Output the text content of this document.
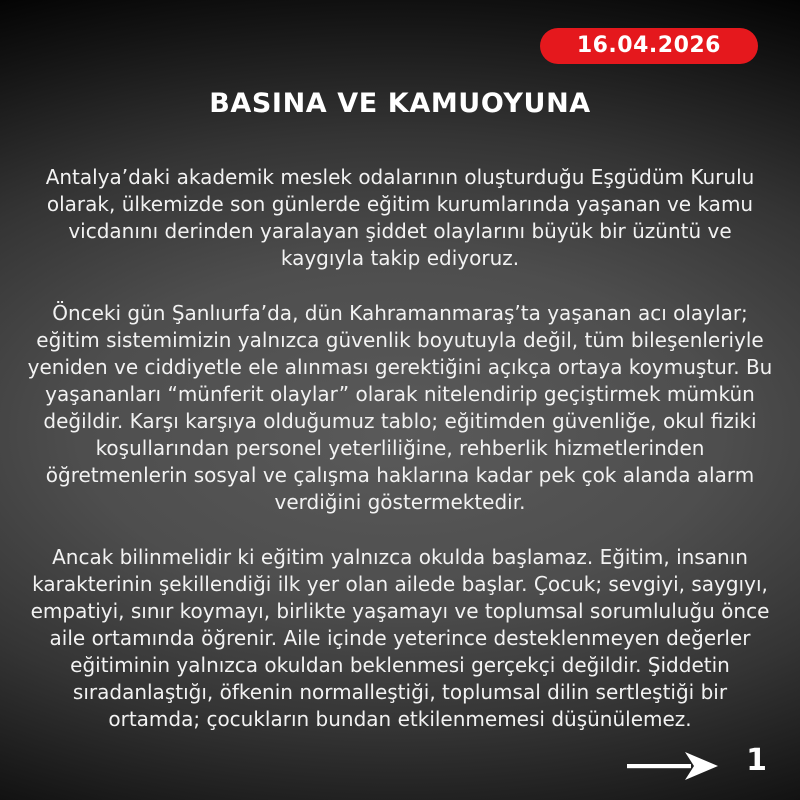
16.04.2026
BASINA VE KAMUOYUNA

Antalya’daki akademik meslek odalarının oluşturduğu Eşgüdüm Kurulu olarak, ülkemizde son günlerde eğitim kurumlarında yaşanan ve kamu vicdanını derinden yaralayan şiddet olaylarını büyük bir üzüntü ve kaygıyla takip ediyoruz.

Önceki gün Şanlıurfa’da, dün Kahramanmaraş’ta yaşanan acı olaylar; eğitim sistemimizin yalnızca güvenlik boyutuyla değil, tüm bileşenleriyle yeniden ve ciddiyetle ele alınması gerektiğini açıkça ortaya koymuştur. Bu yaşananları “münferit olaylar” olarak nitelendirip geçiştirmek mümkün değildir. Karşı karşıya olduğumuz tablo; eğitimden güvenliğe, okul fiziki koşullarından personel yeterliliğine, rehberlik hizmetlerinden öğretmenlerin sosyal ve çalışma haklarına kadar pek çok alanda alarm verdiğini göstermektedir.

Ancak bilinmelidir ki eğitim yalnızca okulda başlamaz. Eğitim, insanın karakterinin şekillendiği ilk yer olan ailede başlar. Çocuk; sevgiyi, saygıyı, empatiyi, sınır koymayı, birlikte yaşamayı ve toplumsal sorumluluğu önce aile ortamında öğrenir. Aile içinde yeterince desteklenmeyen değerler eğitiminin yalnızca okuldan beklenmesi gerçekçi değildir. Şiddetin sıradanlaştığı, öfkenin normalleştiği, toplumsal dilin sertleştiği bir ortamda; çocukların bundan etkilenmemesi düşünülemez.

1
